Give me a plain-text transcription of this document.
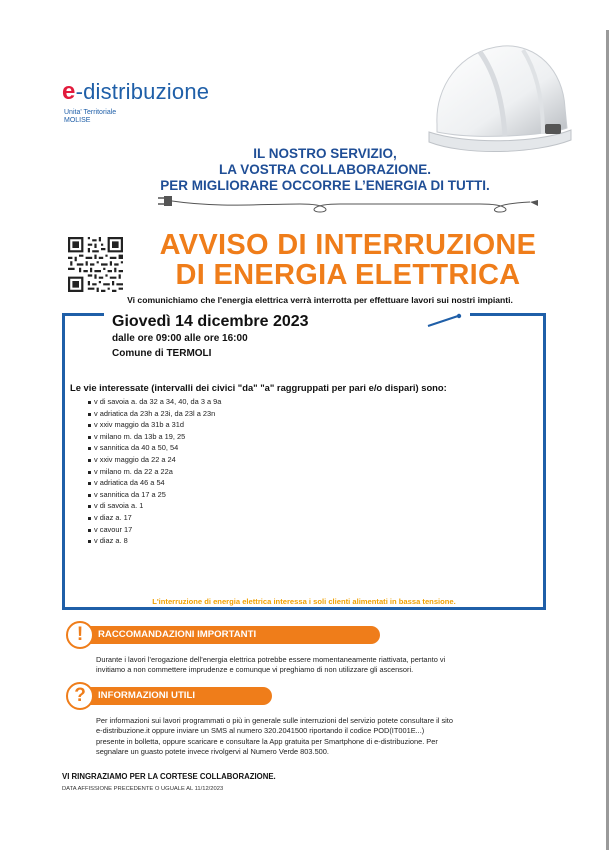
e-distribuzione
Unita' Territoriale
MOLISE
IL NOSTRO SERVIZIO,
LA VOSTRA COLLABORAZIONE.
PER MIGLIORARE OCCORRE L’ENERGIA DI TUTTI.
AVVISO DI INTERRUZIONE
DI ENERGIA ELETTRICA
Vi comunichiamo che l'energia elettrica verrà interrotta per effettuare lavori sui nostri impianti.
Giovedì 14 dicembre 2023
dalle ore 09:00 alle ore 16:00
Comune di TERMOLI
Le vie interessate (intervalli dei civici "da" "a" raggruppati per pari e/o dispari) sono:
v di savoia a. da 32 a 34, 40, da 3 a 9a
v adriatica da 23h a 23i, da 23l a 23n
v xxiv maggio da 31b a 31d
v milano m. da 13b a 19, 25
v sannitica da 40 a 50, 54
v xxiv maggio da 22 a 24
v milano m. da 22 a 22a
v adriatica da 46 a 54
v sannitica da 17 a 25
v di savoia a. 1
v diaz a. 17
v cavour 17
v diaz a. 8
L'interruzione di energia elettrica interessa i soli clienti alimentati in bassa tensione.
RACCOMANDAZIONI IMPORTANTI
!
Durante i lavori l’erogazione dell’energia elettrica potrebbe essere momentaneamente riattivata, pertanto vi
invitiamo a non commettere imprudenze e comunque vi preghiamo di non utilizzare gli ascensori.
INFORMAZIONI UTILI
?
Per informazioni sui lavori programmati o più in generale sulle interruzioni del servizio potete consultare il sito
e-distribuzione.it oppure inviare un SMS al numero 320.2041500 riportando il codice POD(IT001E...)
presente in bolletta, oppure scaricare e consultare la App gratuita per Smartphone di e-distribuzione. Per
segnalare un guasto potete invece rivolgervi al Numero Verde 803.500.
VI RINGRAZIAMO PER LA CORTESE COLLABORAZIONE.
DATA AFFISSIONE PRECEDENTE O UGUALE AL 11/12/2023
